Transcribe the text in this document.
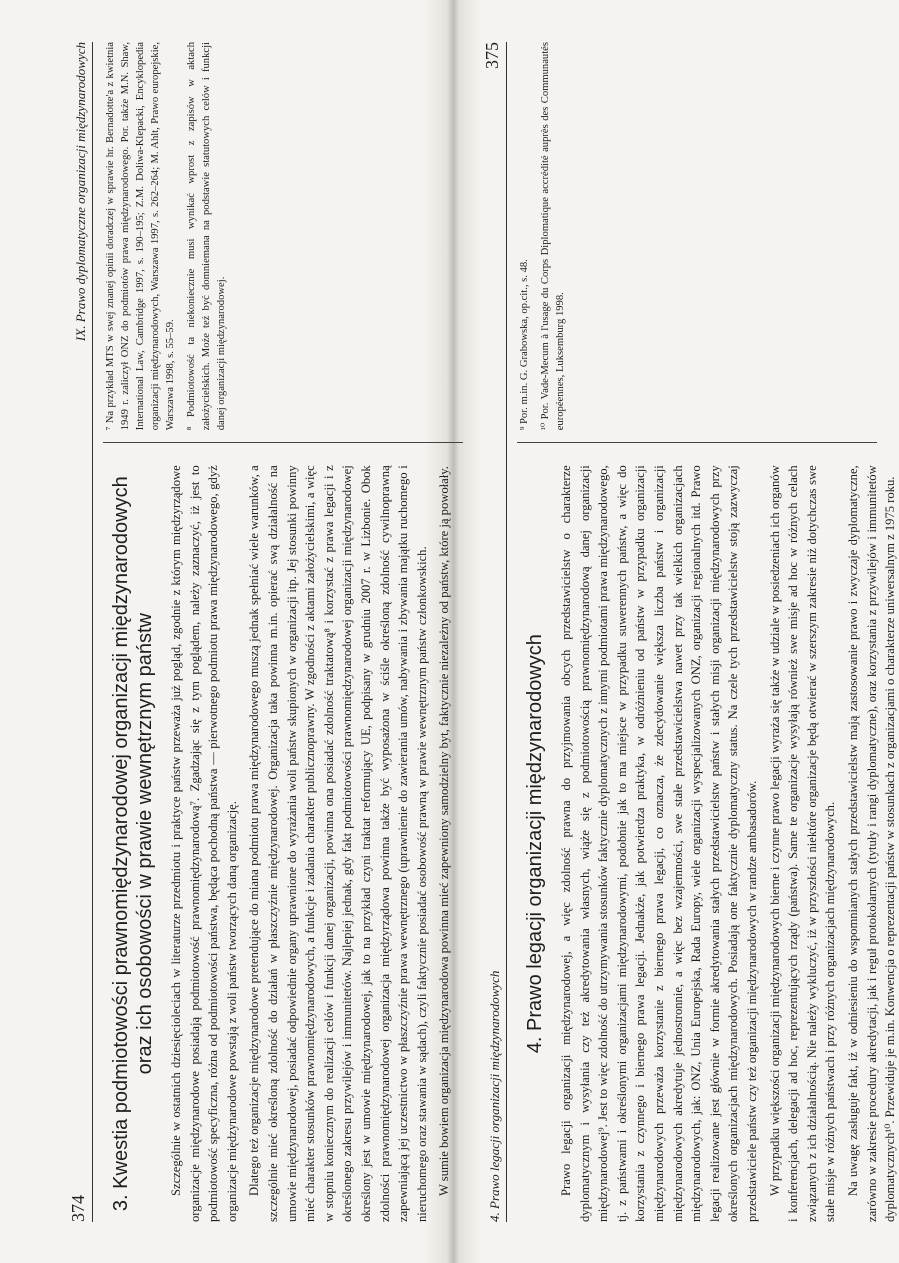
374
IX. Prawo dyplomatyczne organizacji międzynarodowych
3. Kwestia podmiotowości prawnomiędzynarodowej organizacji międzynarodowych oraz ich osobowości w prawie wewnętrznym państw Szczególnie w ostatnich dziesięcioleciach w literaturze przedmiotu i praktyce państw przeważa już pogląd, zgodnie z którym międzyrządowe organizacje międzynarodowe posiadają podmiotowość prawnomiędzynarodową⁷. Zgadzając się z tym poglądem, należy zaznaczyć, iż jest to podmiotowość specyficzna, różna od podmiotowości państwa, będąca pochodną państwa — pierwotnego podmiotu prawa międzynarodowego, gdyż organizacje międzynarodowe powstają z woli państw tworzących daną organizację. Dlatego też organizacje międzynarodowe pretendujące do miana podmiotu prawa międzynarodowego muszą jednak spełniać wiele warunków, a szczególnie mieć określoną zdolność do działań w płaszczyźnie międzynarodowej. Organizacja taka powinna m.in. opierać swą działalność na umowie międzynarodowej, posiadać odpowiednie organy uprawnione do wyrażania woli państw skupionych w organizacji itp. Jej stosunki powinny mieć charakter stosunków prawnomiędzynarodowych, a funkcje i zadania charakter publicznoprawny. W zgodności z aktami założycielskimi, a więc w stopniu koniecznym do realizacji celów i funkcji danej organizacji, powinna ona posiadać zdolność traktatową⁸ i korzystać z prawa legacji i z określonego zakresu przywilejów i immunitetów. Najlepiej jednak, gdy fakt podmiotowości prawnomiędzynarodowej organizacji międzynarodowej określony jest w umowie międzynarodowej, jak to na przykład czyni traktat reformujący UE, podpisany w grudniu 2007 r. w Lizbonie. Obok zdolności prawnomiędzynarodowej organizacja międzyrządowa powinna także być wyposażona w ściśle określoną zdolność cywilnoprawną zapewniającą jej uczestnictwo w płaszczyźnie prawa wewnętrznego (uprawnienie do zawierania umów, nabywania i zbywania majątku ruchomego i nieruchomego oraz stawania w sądach), czyli faktycznie posiadać osobowość prawną w prawie wewnętrznym państw członkowskich. W sumie bowiem organizacja międzynarodowa powinna mieć zapewniony samodzielny byt, faktycznie niezależny od państw, które ją powołały.

⁷ Na przykład MTS w swej znanej opinii doradczej w sprawie hr. Bernadotte'a z kwietnia 1949 r. zaliczył ONZ do podmiotów prawa międzynarodowego. Por. także M.N. Shaw, International Law, Cambridge 1997, s. 190–195; Z.M. Doliwa-Klepacki, Encyklopedia organizacji międzynarodowych, Warszawa 1997, s. 262–264; M. Ahlt, Prawo europejskie, Warszawa 1998, s. 55–59. ⁸ Podmiotowość ta niekoniecznie musi wynikać wprost z zapisów w aktach założycielskich. Może też być domniemana na podstawie statutowych celów i funkcji danej organizacji międzynarodowej.

4. Prawo legacji organizacji międzynarodowych
375
4. Prawo legacji organizacji międzynarodowych Prawo legacji organizacji międzynarodowej, a więc zdolność prawna do przyjmowania obcych przedstawicielstw o charakterze dyplomatycznym i wysyłania czy też akredytowania własnych, wiąże się z podmiotowością prawnomiędzynarodową danej organizacji międzynarodowej⁹. Jest to więc zdolność do utrzymywania stosunków faktycznie dyplomatycznych z innymi podmiotami prawa międzynarodowego, tj. z państwami i określonymi organizacjami międzynarodowymi, podobnie jak to ma miejsce w przypadku suwerennych państw, a więc do korzystania z czynnego i biernego prawa legacji. Jednakże, jak potwierdza praktyka, w odróżnieniu od państw w przypadku organizacji międzynarodowych przeważa korzystanie z biernego prawa legacji, co oznacza, że zdecydowanie większa liczba państw i organizacji międzynarodowych akredytuje jednostronnie, a więc bez wzajemności, swe stałe przedstawicielstwa nawet przy tak wielkich organizacjach międzynarodowych, jak: ONZ, Unia Europejska, Rada Europy, wiele organizacji wyspecjalizowanych ONZ, organizacji regionalnych itd. Prawo legacji realizowane jest głównie w formie akredytowania stałych przedstawicielstw państw i stałych misji organizacji międzynarodowych przy określonych organizacjach międzynarodowych. Posiadają one faktycznie dyplomatyczny status. Na czele tych przedstawicielstw stoją zazwyczaj przedstawiciele państw czy też organizacji międzynarodowych w randze ambasadorów. W przypadku większości organizacji międzynarodowych bierne i czynne prawo legacji wyraża się także w udziale w posiedzeniach ich organów i konferencjach, delegacji ad hoc, reprezentujących rządy (państwa). Same te organizacje wysyłają również swe misje ad hoc w różnych celach związanych z ich działalnością. Nie należy wykluczyć, iż w przyszłości niektóre organizacje będą otwierać w szerszym zakresie niż dotychczas swe stałe misje w różnych państwach i przy różnych organizacjach międzynarodowych. Na uwagę zasługuje fakt, iż w odniesieniu do wspomnianych stałych przedstawicielstw mają zastosowanie prawo i zwyczaje dyplomatyczne, zarówno w zakresie procedury akredytacji, jak i reguł protokolarnych (tytuły i rangi dyplomatyczne), oraz korzystania z przywilejów i immunitetów dyplomatycznych¹⁰. Przewiduje je m.in. Konwencja o reprezentacji państw w stosunkach z organizacjami o charakterze uniwersalnym z 1975 roku.

⁹ Por. m.in. G. Grabowska, op.cit., s. 48. ¹⁰ Por. Vade-Mecum à l'usage du Corps Diplomatique accrédité auprès des Communautés européennes, Luksemburg 1998.
